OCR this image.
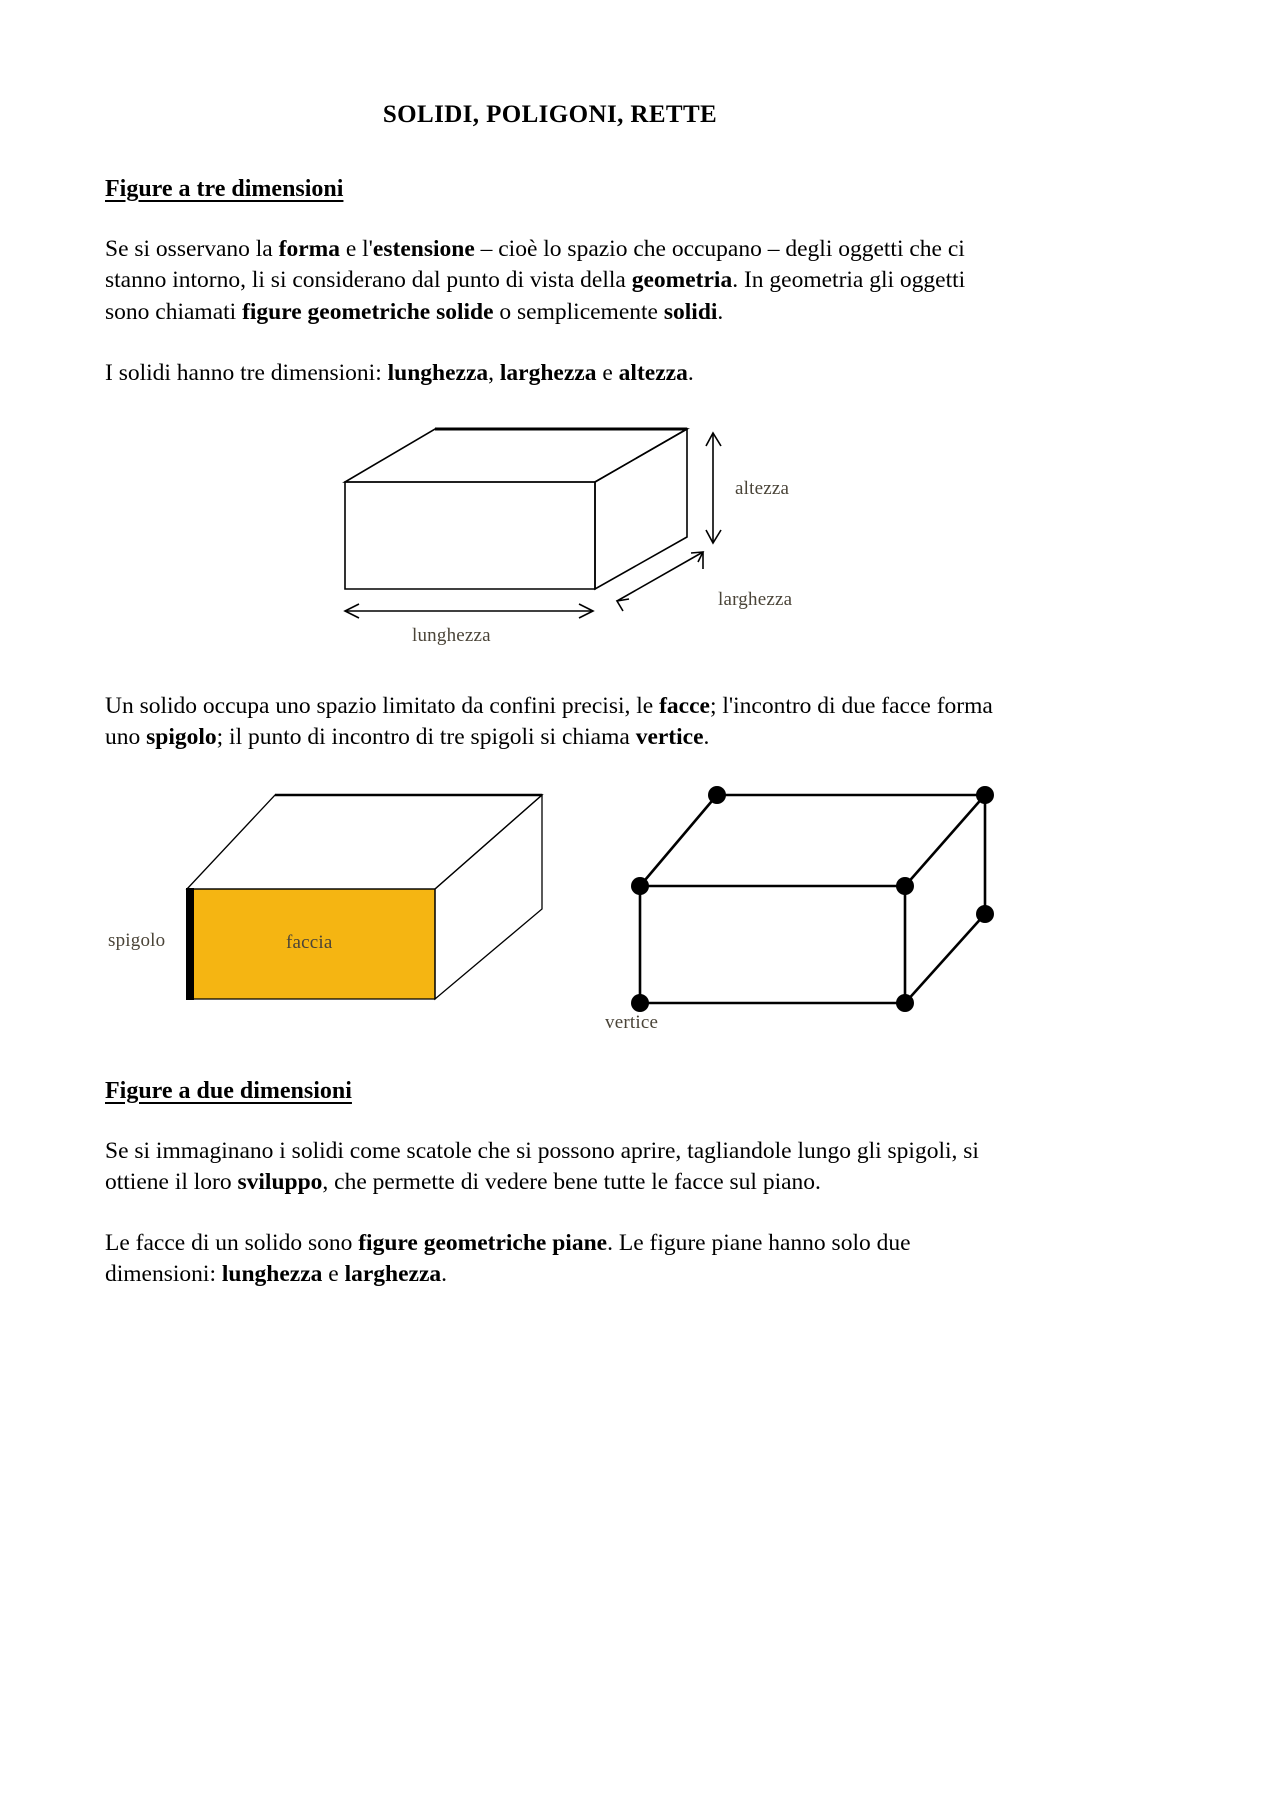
SOLIDI, POLIGONI, RETTE
Figure a tre dimensioni

Se si osservano la forma e l'estensione – cioè lo spazio che occupano – degli oggetti che ci stanno intorno, li si considerano dal punto di vista della geometria. In geometria gli oggetti sono chiamati figure geometriche solide o semplicemente solidi.

I solidi hanno tre dimensioni: lunghezza, larghezza e altezza.

altezza
larghezza
lunghezza

Un solido occupa uno spazio limitato da confini precisi, le facce; l'incontro di due facce forma uno spigolo; il punto di incontro di tre spigoli si chiama vertice.

spigolo	faccia
vertice
Figure a due dimensioni

Se si immaginano i solidi come scatole che si possono aprire, tagliandole lungo gli spigoli, si ottiene il loro sviluppo, che permette di vedere bene tutte le facce sul piano.

Le facce di un solido sono figure geometriche piane. Le figure piane hanno solo due dimensioni: lunghezza e larghezza.
